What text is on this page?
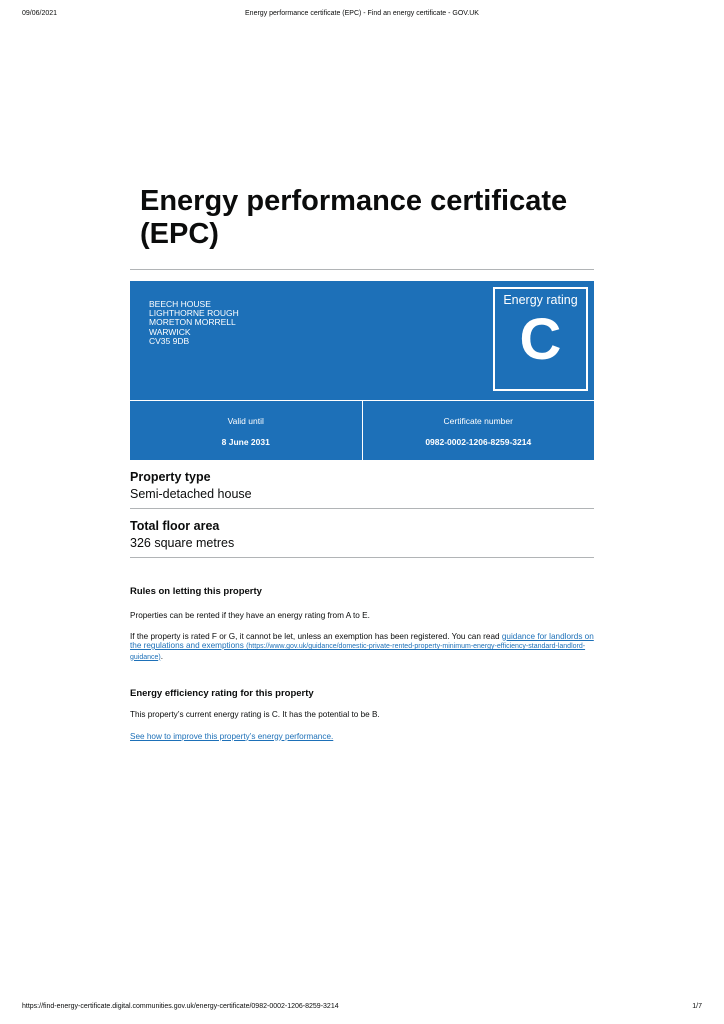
09/06/2021	Energy performance certificate (EPC) - Find an energy certificate - GOV.UK
Energy performance certificate (EPC)
BEECH HOUSE
LIGHTHORNE ROUGH
MORETON MORRELL
WARWICK
CV35 9DB
Energy rating
C
Valid until
8 June 2031
Certificate number
0982-0002-1206-8259-3214
Property type
Semi-detached house
Total floor area
326 square metres
Rules on letting this property

Properties can be rented if they have an energy rating from A to E.

If the property is rated F or G, it cannot be let, unless an exemption has been registered. You can read guidance for landlords on the regulations and exemptions (https://www.gov.uk/guidance/domestic-private-rented-property-minimum-energy-efficiency-standard-landlord-guidance).

Energy efficiency rating for this property

This property’s current energy rating is C. It has the potential to be B.

See how to improve this property’s energy performance.

https://find-energy-certificate.digital.communities.gov.uk/energy-certificate/0982-0002-1206-8259-3214	1/7
